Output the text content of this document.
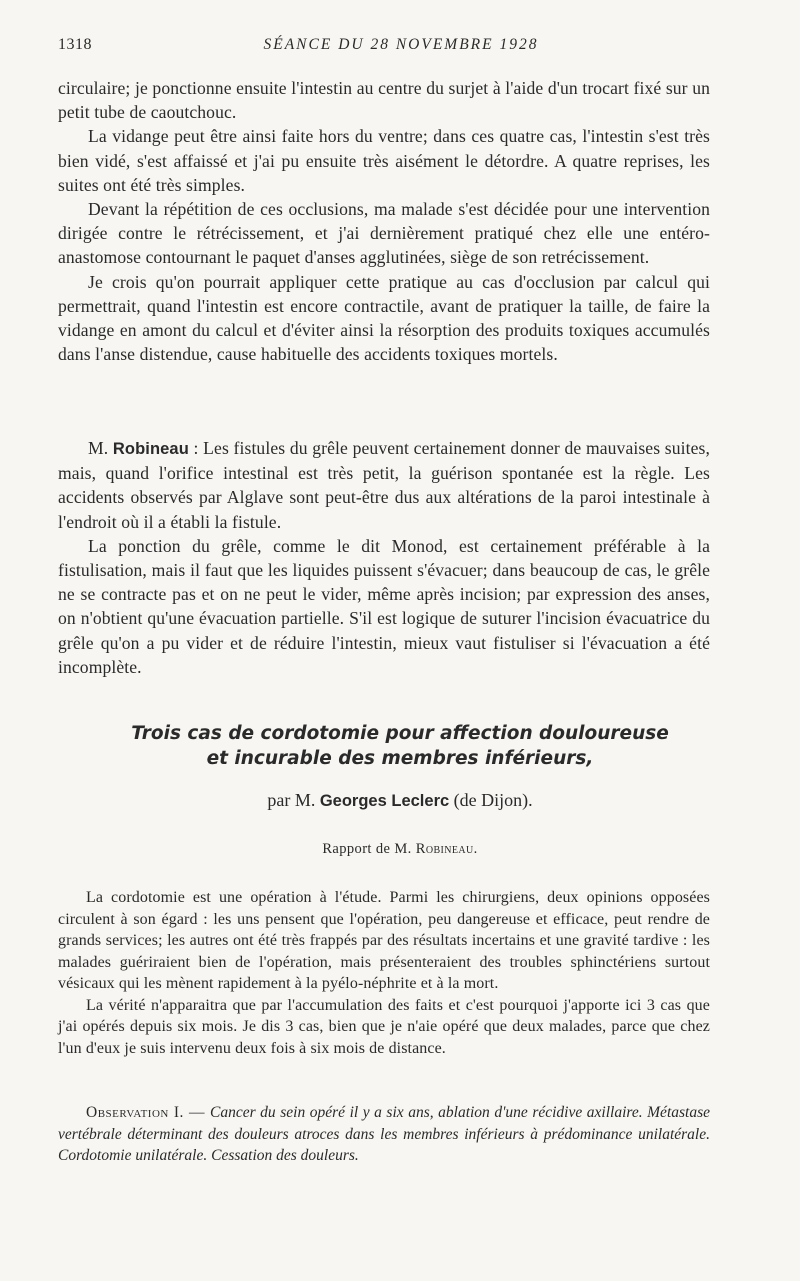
1318	SÉANCE DU 28 NOVEMBRE 1928

circulaire; je ponctionne ensuite l'intestin au centre du surjet à l'aide d'un trocart fixé sur un petit tube de caoutchouc.

La vidange peut être ainsi faite hors du ventre; dans ces quatre cas, l'intestin s'est très bien vidé, s'est affaissé et j'ai pu ensuite très aisément le détordre. A quatre reprises, les suites ont été très simples.

Devant la répétition de ces occlusions, ma malade s'est décidée pour une intervention dirigée contre le rétrécissement, et j'ai dernièrement pratiqué chez elle une entéro-anastomose contournant le paquet d'anses agglutinées, siège de son retrécissement.

Je crois qu'on pourrait appliquer cette pratique au cas d'occlusion par calcul qui permettrait, quand l'intestin est encore contractile, avant de pratiquer la taille, de faire la vidange en amont du calcul et d'éviter ainsi la résorption des produits toxiques accumulés dans l'anse distendue, cause habituelle des accidents toxiques mortels.

M. Robineau : Les fistules du grêle peuvent certainement donner de mauvaises suites, mais, quand l'orifice intestinal est très petit, la guérison spontanée est la règle. Les accidents observés par Alglave sont peut-être dus aux altérations de la paroi intestinale à l'endroit où il a établi la fistule.

La ponction du grêle, comme le dit Monod, est certainement préférable à la fistulisation, mais il faut que les liquides puissent s'évacuer; dans beaucoup de cas, le grêle ne se contracte pas et on ne peut le vider, même après incision; par expression des anses, on n'obtient qu'une évacuation partielle. S'il est logique de suturer l'incision évacuatrice du grêle qu'on a pu vider et de réduire l'intestin, mieux vaut fistuliser si l'évacuation a été incomplète.

Trois cas de cordotomie pour affection douloureuse
et incurable des membres inférieurs,
par M. Georges Leclerc (de Dijon).
Rapport de M. Robineau.

La cordotomie est une opération à l'étude. Parmi les chirurgiens, deux opinions opposées circulent à son égard : les uns pensent que l'opération, peu dangereuse et efficace, peut rendre de grands services; les autres ont été très frappés par des résultats incertains et une gravité tardive : les malades guériraient bien de l'opération, mais présenteraient des troubles sphinctériens surtout vésicaux qui les mènent rapidement à la pyélo-néphrite et à la mort.

La vérité n'apparaitra que par l'accumulation des faits et c'est pourquoi j'apporte ici 3 cas que j'ai opérés depuis six mois. Je dis 3 cas, bien que je n'aie opéré que deux malades, parce que chez l'un d'eux je suis intervenu deux fois à six mois de distance.

Observation I. — Cancer du sein opéré il y a six ans, ablation d'une récidive axillaire. Métastase vertébrale déterminant des douleurs atroces dans les membres inférieurs à prédominance unilatérale. Cordotomie unilatérale. Cessation des douleurs.
